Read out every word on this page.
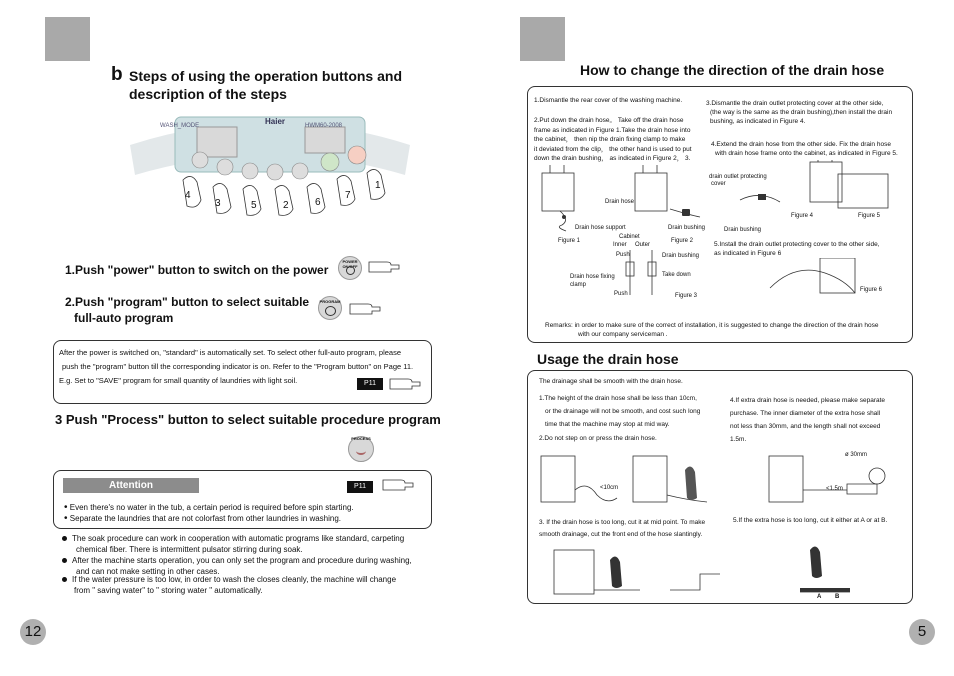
b Steps of using the operation buttons and
description of the steps
Haier
WASH_MODE	HWM60-2008
4
3	5	2	6
7
1
1.Push "power" button to switch on the power
POWER ON/OFF
2.Push "program" button to select suitable
full-auto program
PROGRAM
After the power is switched on, "standard" is automatically set. To select other full-auto program, please
push the "program" button till the corresponding indicator is on. Refer to the "Program button" on Page 11.
E.g. Set to "SAVE" program for small quantity of laundries with light soil.	P11
3 Push "Process" button to select suitable procedure program
PROCESS
Attention	P11
• Even there's no water in the tub, a certain period is required before spin starting.
• Separate the laundries that are not colorfast from other laundries in washing.
The soak procedure can work in cooperation with automatic programs like standard, carpeting
chemical fiber. There is intermittent pulsator stirring during soak.
After the machine starts operation, you can only set the program and procedure during washing,
and can not make setting in other cases.
If the water pressure is too low, in order to wash the closes cleanly, the machine will change
from " saving water" to " storing water " automatically.
12
How to change the direction of the drain hose
1.Dismantle the rear cover of the washing machine.
2.Put down the drain hose。 Take off the drain hose
frame as indicated in Figure 1.Take the drain hose into
the cabinet， then nip the drain fixing clamp to make
it deviated from the clip， the other hand is used to put
down the drain bushing， as indicated in Figure 2， 3.
3.Dismantle the drain outlet protecting cover at the other side,
(the way is the same as the drain bushing),then install the drain
bushing, as indicated in Figure 4.
4.Extend the drain hose from the other side. Fix the drain hose
with drain hose frame onto the cabinet, as indicated in Figure 5.
Drain hose
Drain hose support	Drain bushing
Figure 1	Figure 2
Cabinet
Inner Outer
Push	Drain bushing
Take down
Drain hose fixing
clamp
Push	Figure 3
drain outlet protecting
cover
Drain bushing
Figure 4	Figure 5
5.Install the drain outlet protecting cover to the other side,
as indicated in Figure 6
Figure 6
Remarks: in order to make sure of the correct of installation, it is suggested to change the direction of the drain hose
with our company serviceman .
Usage the drain hose
The drainage shall be smooth with the drain hose.
1.The height of the drain hose shall be less than 10cm,
or the drainage will not be smooth, and cost such long
time that the machine may stop at mid way.
2.Do not step on or press the drain hose.
4.If extra drain hose is needed, please make separate
purchase. The inner diameter of the extra hose shall
not less than 30mm, and the length shall not exceed
1.5m.
<10cm
ø 30mm
<1.5m
3. If the drain hose is too long, cut it at mid point. To make
smooth drainage, cut the front end of the hose slantingly.
5.If the extra hose is too long, cut it either at A or at B.
A B
5
